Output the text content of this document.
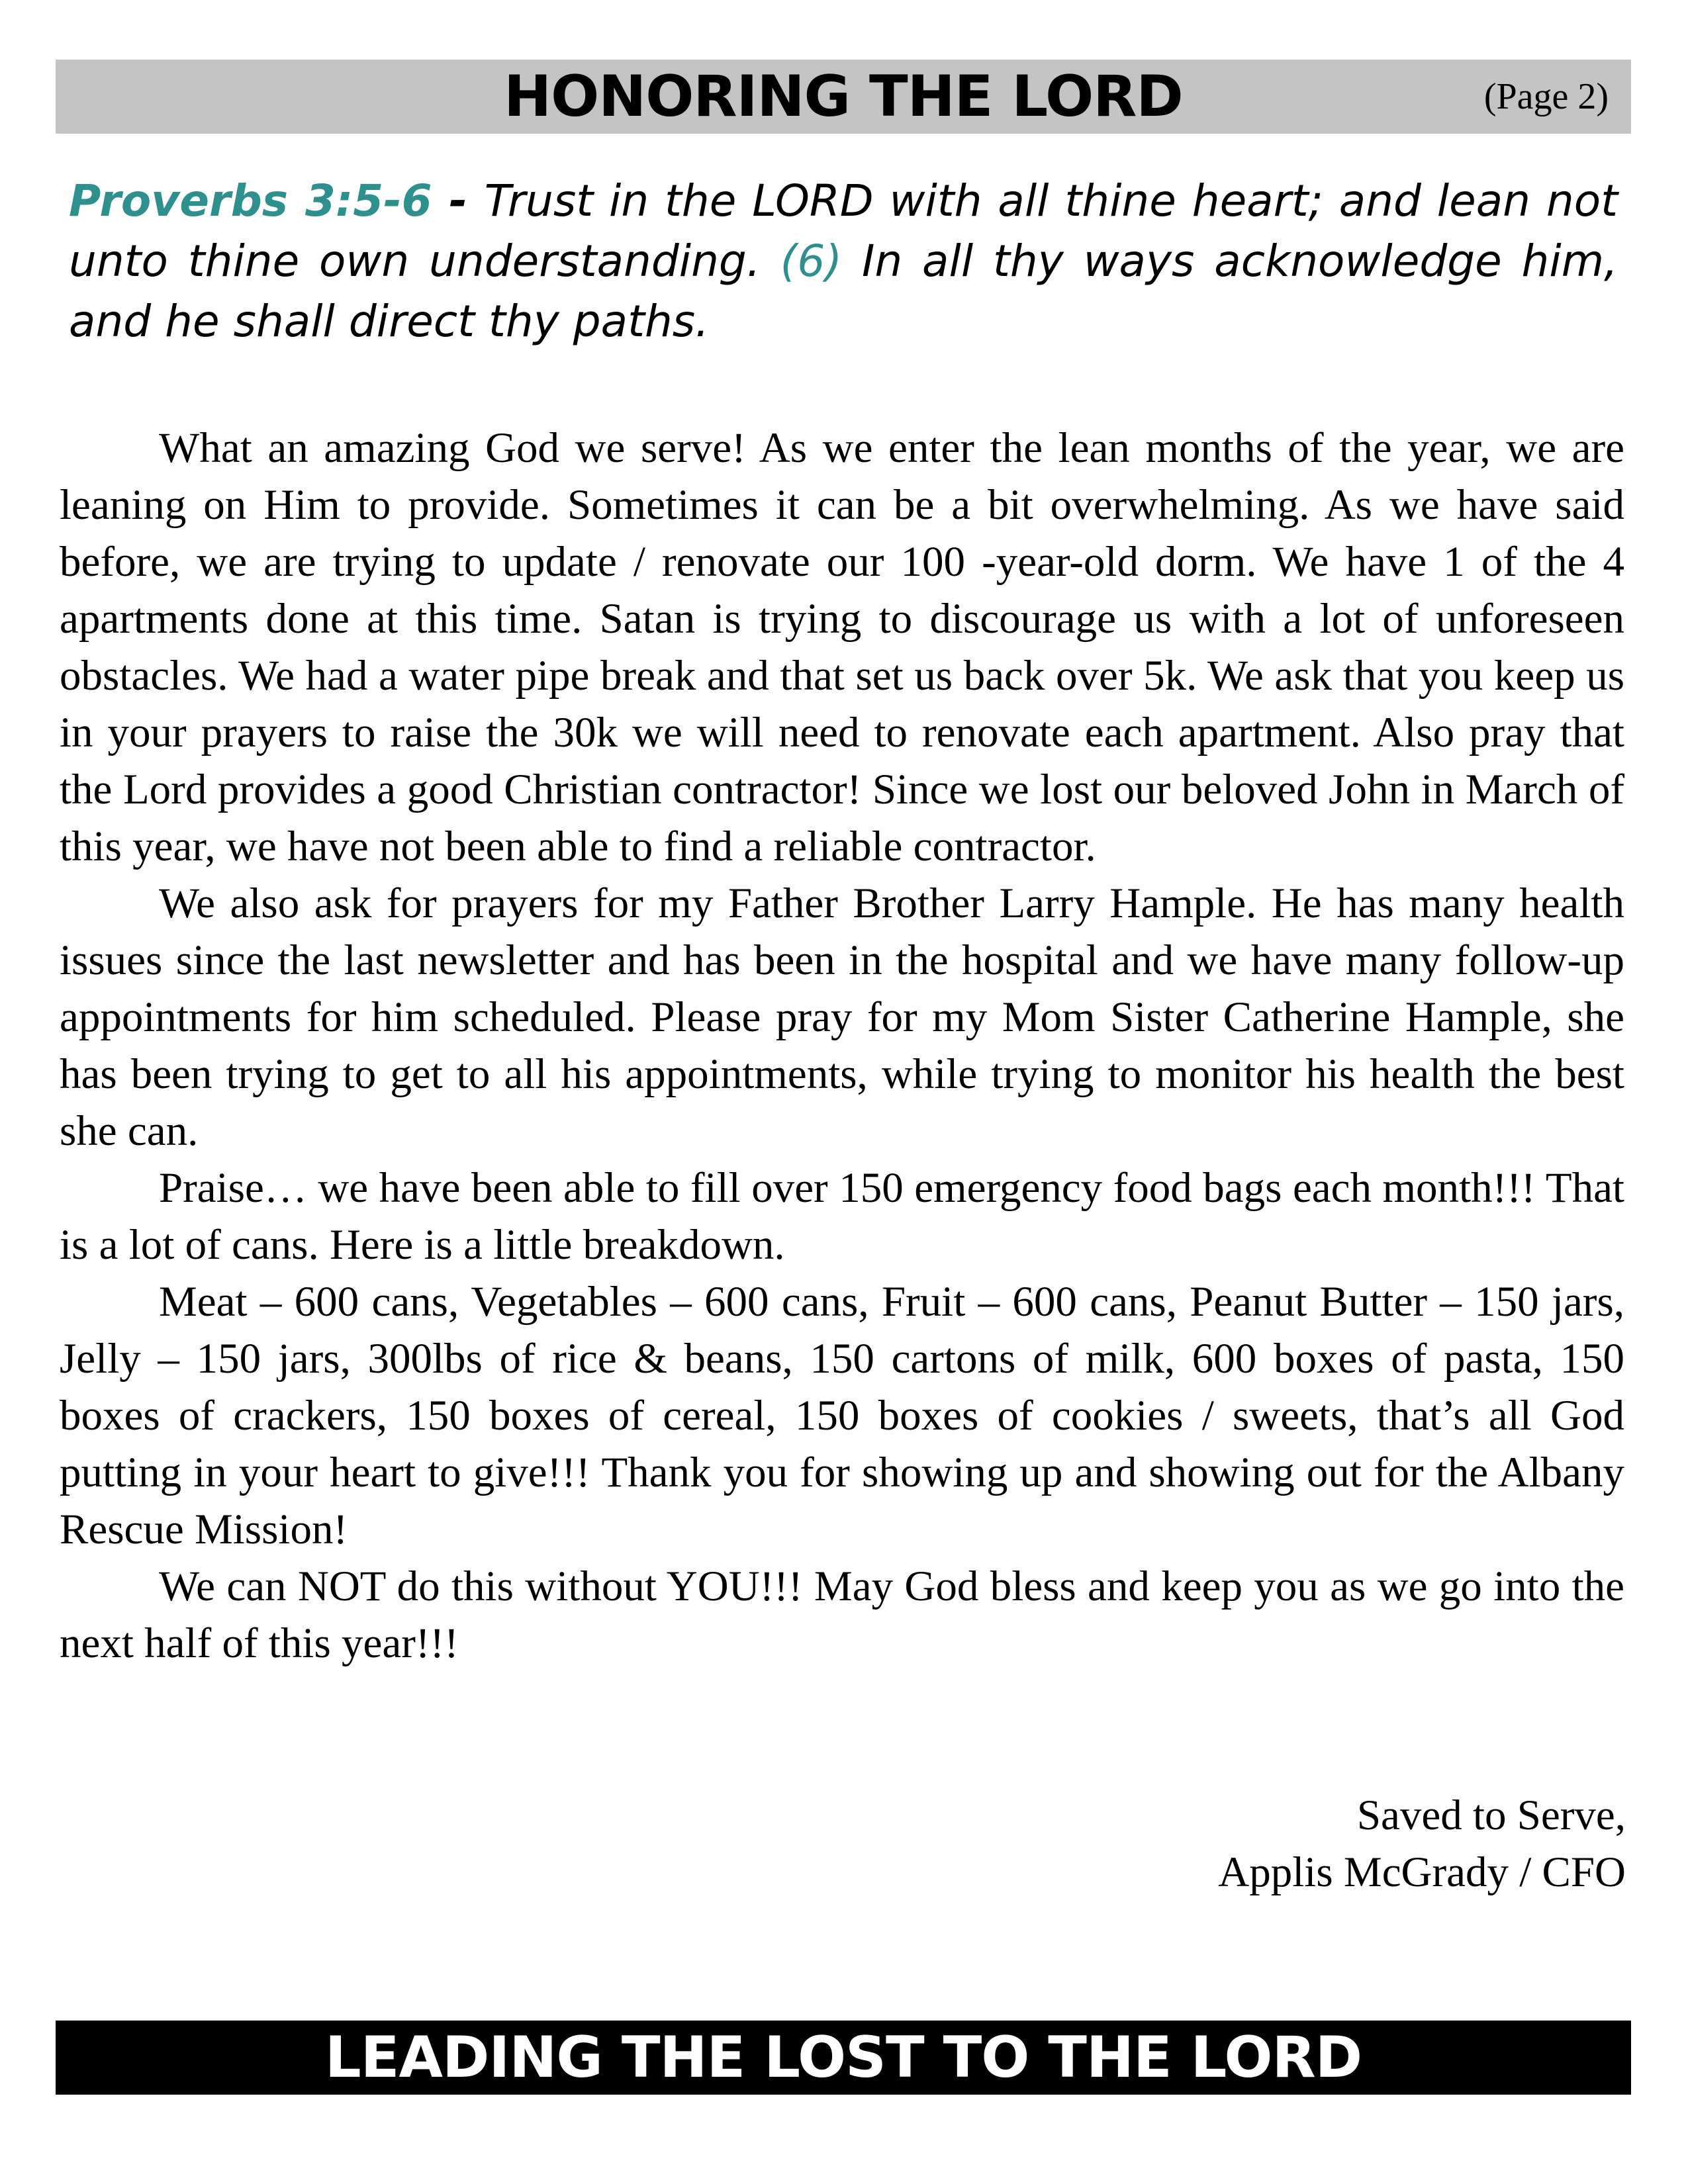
HONORING THE LORD	(Page 2)
Proverbs 3:5-6 - Trust in the LORD with all thine heart; and lean not unto thine own understanding. (6) In all thy ways acknowledge him, and he shall direct thy paths.

What an amazing God we serve! As we enter the lean months of the year, we are leaning on Him to provide. Sometimes it can be a bit overwhelming. As we have said before, we are trying to update / renovate our 100 -year-old dorm. We have 1 of the 4 apartments done at this time. Satan is trying to discourage us with a lot of unforeseen obstacles. We had a water pipe break and that set us back over 5k. We ask that you keep us in your prayers to raise the 30k we will need to renovate each apartment. Also pray that the Lord provides a good Christian contractor! Since we lost our beloved John in March of this year, we have not been able to find a reliable contractor.

We also ask for prayers for my Father Brother Larry Hample. He has many health issues since the last newsletter and has been in the hospital and we have many follow-up appointments for him scheduled. Please pray for my Mom Sister Catherine Hample, she has been trying to get to all his appointments, while trying to monitor his health the best she can.

Praise… we have been able to fill over 150 emergency food bags each month!!! That is a lot of cans. Here is a little breakdown.

Meat – 600 cans, Vegetables – 600 cans, Fruit – 600 cans, Peanut Butter – 150 jars, Jelly – 150 jars, 300lbs of rice & beans, 150 cartons of milk, 600 boxes of pasta, 150 boxes of crackers, 150 boxes of cereal, 150 boxes of cookies / sweets, that’s all God putting in your heart to give!!! Thank you for showing up and showing out for the Albany Rescue Mission!

We can NOT do this without YOU!!! May God bless and keep you as we go into the next half of this year!!!

Saved to Serve,
Applis McGrady / CFO
LEADING THE LOST TO THE LORD
